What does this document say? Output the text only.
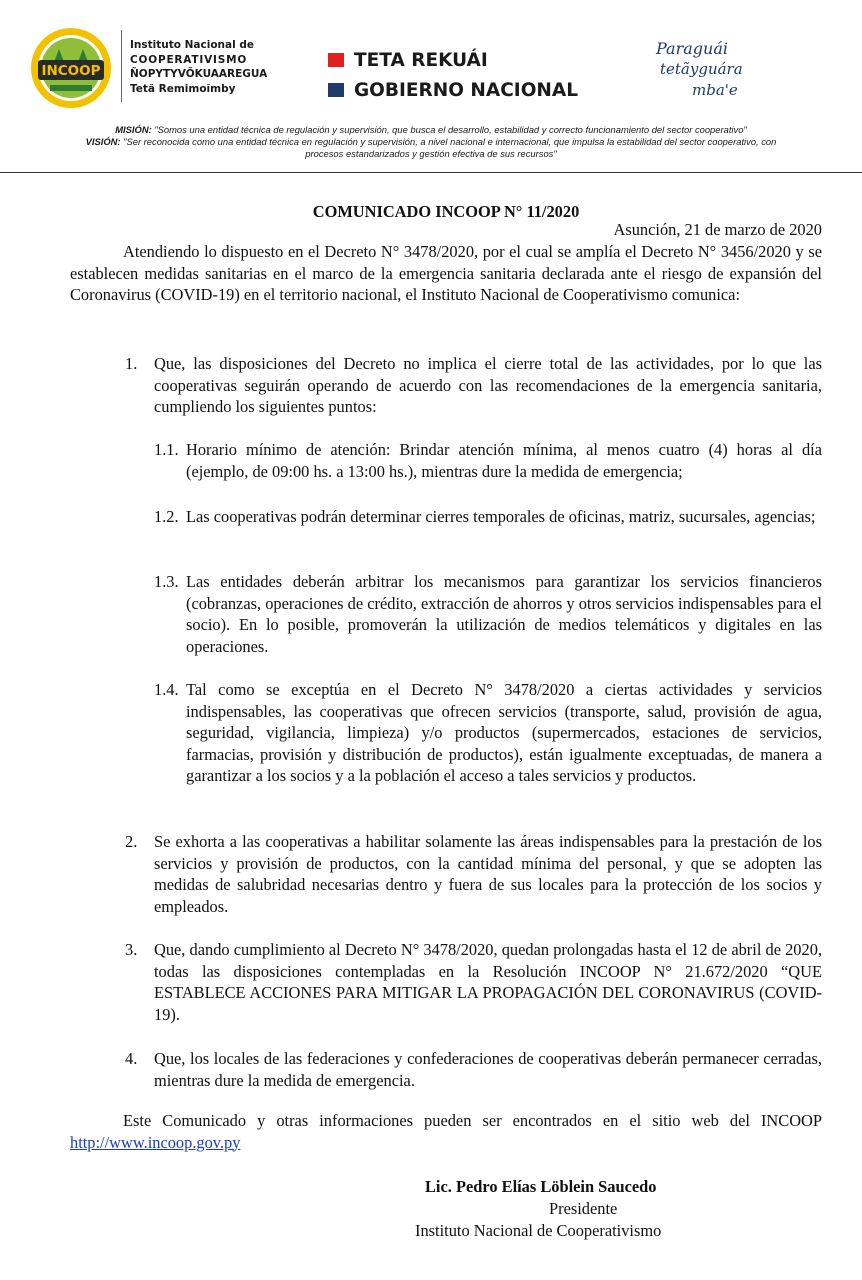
INCOOP
Instituto Nacional de
COOPERATIVISMO
ÑOPYTYVÕKUAAREGUA
Tetã Remimoĩmby
TETA REKUÁI
GOBIERNO NACIONAL
Paraguái
tetãyguára
mba'e
MISIÓN: "Somos una entidad técnica de regulación y supervisión, que busca el desarrollo, estabilidad y correcto funcionamiento del sector cooperativo"
VISIÓN: "Ser reconocida como una entidad técnica en regulación y supervisión, a nivel nacional e internacional, que impulsa la estabilidad del sector cooperativo, con
procesos estandarizados y gestión efectiva de sus recursos"
COMUNICADO INCOOP N° 11/2020
Asunción, 21 de marzo de 2020
Atendiendo lo dispuesto en el Decreto N° 3478/2020, por el cual se amplía el Decreto N° 3456/2020 y se establecen medidas sanitarias en el marco de la emergencia sanitaria declarada ante el riesgo de expansión del Coronavirus (COVID-19) en el territorio nacional, el Instituto Nacional de Cooperativismo comunica:
1. Que, las disposiciones del Decreto no implica el cierre total de las actividades, por lo que las cooperativas seguirán operando de acuerdo con las recomendaciones de la emergencia sanitaria, cumpliendo los siguientes puntos:
1.1. Horario mínimo de atención: Brindar atención mínima, al menos cuatro (4) horas al día (ejemplo, de 09:00 hs. a 13:00 hs.), mientras dure la medida de emergencia;
1.2. Las cooperativas podrán determinar cierres temporales de oficinas, matriz, sucursales, agencias;
1.3. Las entidades deberán arbitrar los mecanismos para garantizar los servicios financieros (cobranzas, operaciones de crédito, extracción de ahorros y otros servicios indispensables para el socio). En lo posible, promoverán la utilización de medios telemáticos y digitales en las operaciones.
1.4. Tal como se exceptúa en el Decreto N° 3478/2020 a ciertas actividades y servicios indispensables, las cooperativas que ofrecen servicios (transporte, salud, provisión de agua, seguridad, vigilancia, limpieza) y/o productos (supermercados, estaciones de servicios, farmacias, provisión y distribución de productos), están igualmente exceptuadas, de manera a garantizar a los socios y a la población el acceso a tales servicios y productos.
2. Se exhorta a las cooperativas a habilitar solamente las áreas indispensables para la prestación de los servicios y provisión de productos, con la cantidad mínima del personal, y que se adopten las medidas de salubridad necesarias dentro y fuera de sus locales para la protección de los socios y empleados.
3. Que, dando cumplimiento al Decreto N° 3478/2020, quedan prolongadas hasta el 12 de abril de 2020, todas las disposiciones contempladas en la Resolución INCOOP N° 21.672/2020 “QUE ESTABLECE ACCIONES PARA MITIGAR LA PROPAGACIÓN DEL CORONAVIRUS (COVID-19).
4. Que, los locales de las federaciones y confederaciones de cooperativas deberán permanecer cerradas, mientras dure la medida de emergencia.
Este Comunicado y otras informaciones pueden ser encontrados en el sitio web del INCOOP http://www.incoop.gov.py
Lic. Pedro Elías Löblein Saucedo
Presidente
Instituto Nacional de Cooperativismo
